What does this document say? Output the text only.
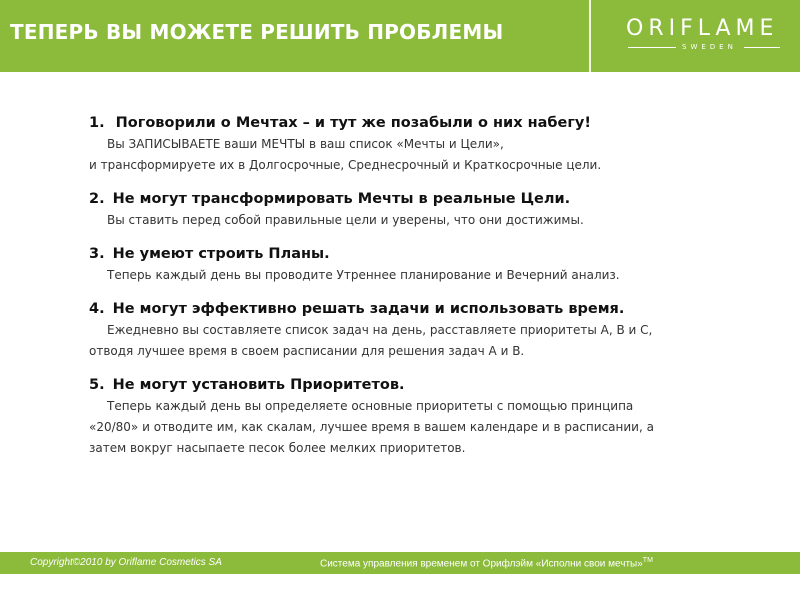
ТЕПЕРЬ ВЫ МОЖЕТЕ РЕШИТЬ ПРОБЛЕМЫ	ORIFLAME
SWEDEN
1. Поговорили о Мечтах – и тут же позабыли о них набегу!
Вы ЗАПИСЫВАЕТЕ ваши МЕЧТЫ в ваш список «Мечты и Цели»,
и трансформируете их в Долгосрочные, Среднесрочный и Краткосрочные цели.
2. Не могут трансформировать Мечты в реальные Цели.
Вы ставить перед собой правильные цели и уверены, что они достижимы.
3. Не умеют строить Планы.
Теперь каждый день вы проводите Утреннее планирование и Вечерний анализ.
4. Не могут эффективно решать задачи и использовать время.
Ежедневно вы составляете список задач на день, расставляете приоритеты А, В и С,
отводя лучшее время в своем расписании для решения задач А и В.
5. Не могут установить Приоритетов.
Теперь каждый день вы определяете основные приоритеты с помощью принципа
«20/80» и отводите им, как скалам, лучшее время в вашем календаре и в расписании, а
затем вокруг насыпаете песок более мелких приоритетов.
Copyright©2010 by Oriflame Cosmetics SA	Система управления временем от Орифлэйм «Исполни свои мечты»™
